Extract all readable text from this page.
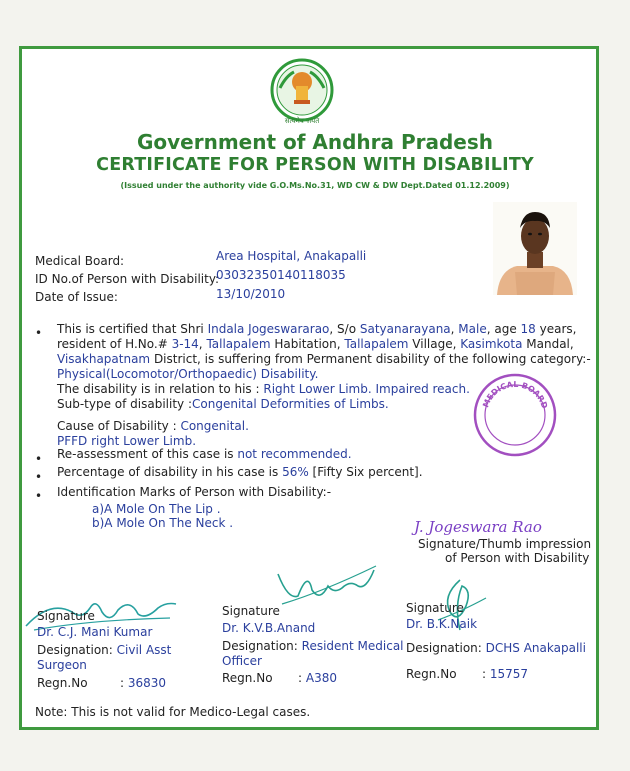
सत्यमेव जयते
Government of Andhra Pradesh
CERTIFICATE FOR PERSON WITH DISABILITY
(Issued under the authority vide G.O.Ms.No.31, WD CW & DW Dept.Dated 01.12.2009)
Medical Board:	Area Hospital, Anakapalli
ID No.of Person with Disability:
03032350140118035
Date of Issue:	13/10/2010
• This is certified that Shri Indala Jogeswararao, S/o Satyanarayana, Male, age 18 years,
resident of H.No.# 3-14, Tallapalem Habitation, Tallapalem Village, Kasimkota Mandal,
Visakhapatnam District, is suffering from Permanent disability of the following category:-
Physical(Locomotor/Orthopaedic) Disability.
The disability is in relation to his : Right Lower Limb. Impaired reach.
Sub-type of disability :Congenital Deformities of Limbs.
Cause of Disability : Congenital.
PFFD right Lower Limb.
• Re-assessment of this case is not recommended.
• Percentage of disability in his case is 56% [Fifty Six percent].
• Identification Marks of Person with Disability:-
a)A Mole On The Lip .
b)A Mole On The Neck .
MEDICAL BOARD
J. Jogeswara Rao
Signature/Thumb impression
of Person with Disability
Signature
Dr. C.J. Mani Kumar
Designation: Civil Asst
Surgeon
Regn.No	: 36830
Signature
Dr. K.V.B.Anand
Designation: Resident Medical
Officer
Regn.No : A380
Signature
Dr. B.K.Naik
Designation: DCHS Anakapalli
Regn.No : 15757
Note: This is not valid for Medico-Legal cases.
